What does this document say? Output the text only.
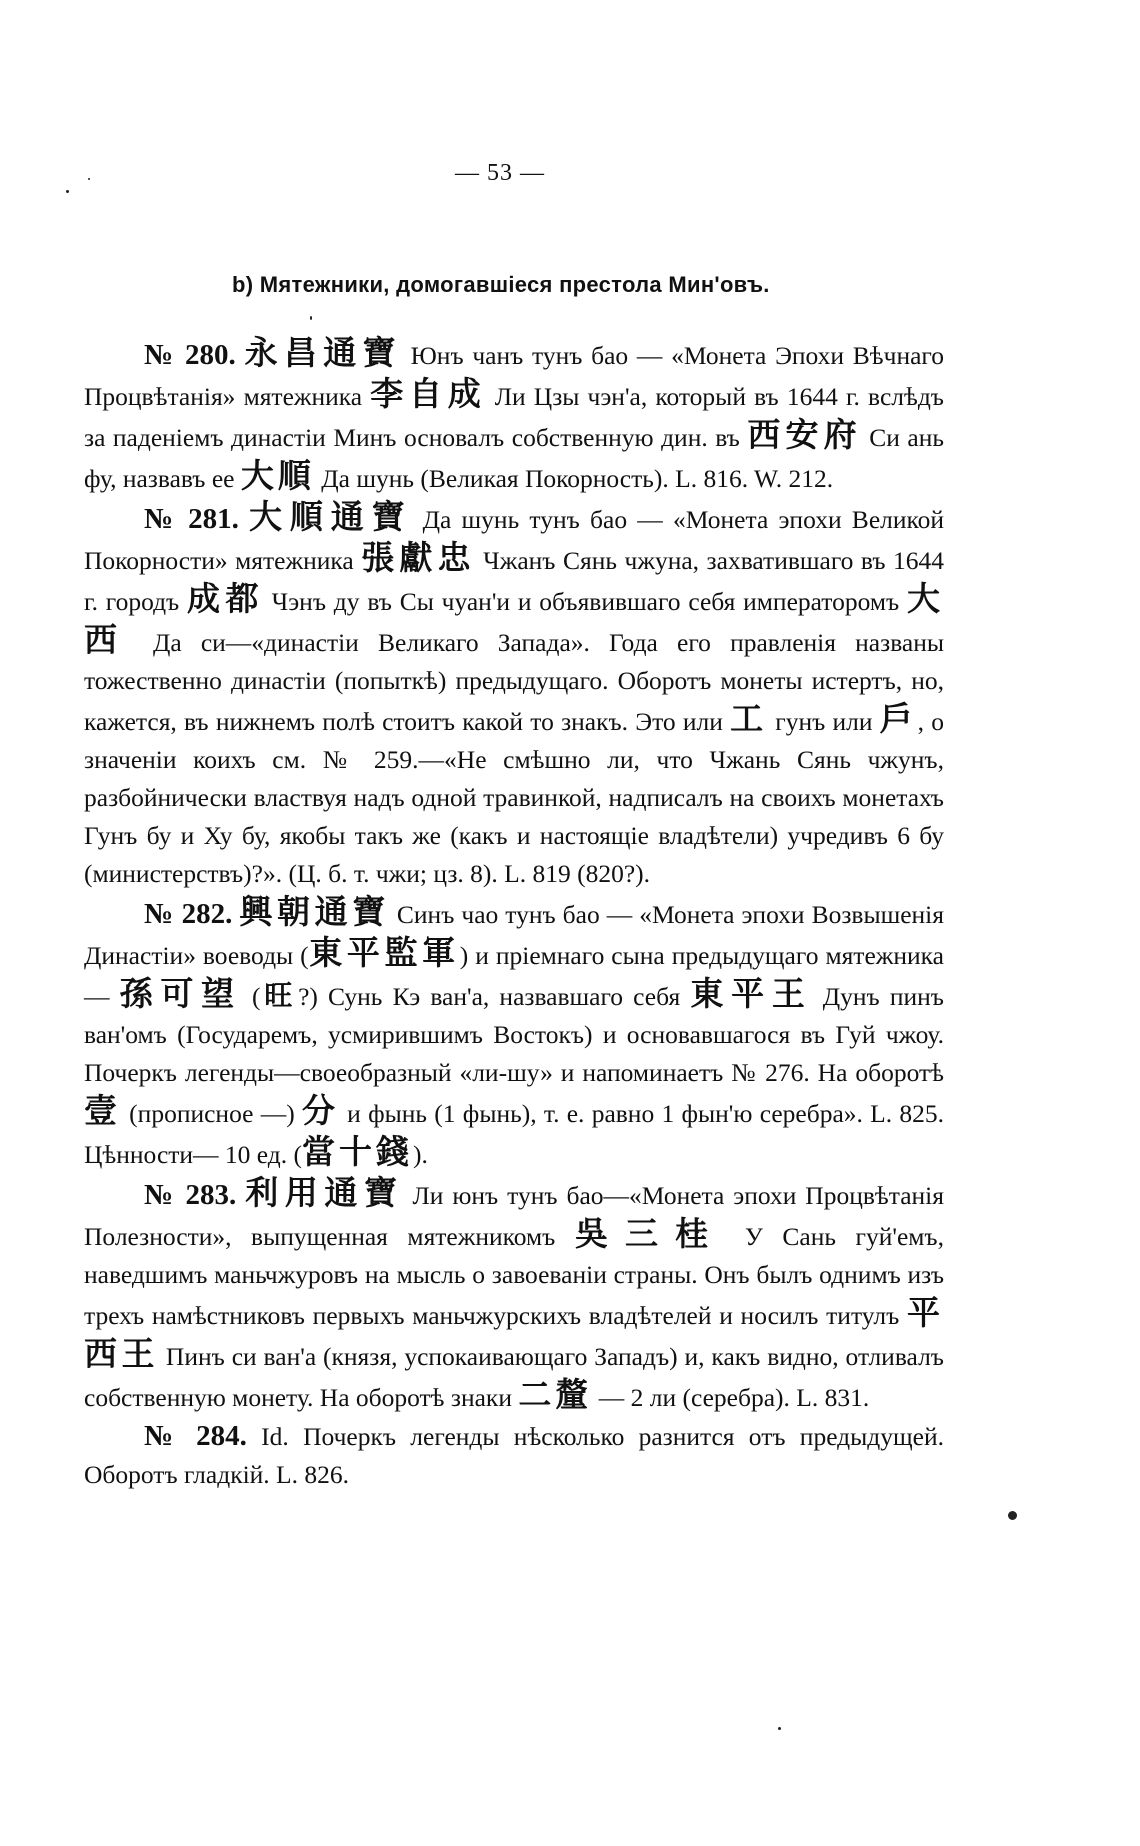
— 53 —
b) Мятежники, домогавшіеся престола Мин'овъ.

№ 280. 永昌通寶 Юнъ чанъ тунъ бао — «Монета Эпохи Вѣчнаго Процвѣтанія» мятежника 李自成 Ли Цзы чэн'а, который въ 1644 г. вслѣдъ за паденіемъ династіи Минъ основалъ собственную дин. въ 西安府 Си ань фу, назвавъ ее 大順 Да шунь (Великая Покорность). L. 816. W. 212.

№ 281. 大順通寶 Да шунь тунъ бао — «Монета эпохи Великой Покорности» мятежника 張獻忠 Чжанъ Сянь чжуна, захватившаго въ 1644 г. городъ 成都 Чэнъ ду въ Сы чуан'и и объявившаго себя императоромъ 大西 Да си—«династіи Великаго Запада». Года его правленія названы тожественно династіи (попыткѣ) предыдущаго. Оборотъ монеты истертъ, но, кажется, въ нижнемъ полѣ стоитъ какой то знакъ. Это или 工 гунъ или 戶, о значеніи коихъ см. № 259.—«Не смѣшно ли, что Чжань Сянь чжунъ, разбойнически властвуя надъ одной травинкой, надписалъ на своихъ монетахъ Гунъ бу и Ху бу, якобы такъ же (какъ и настоящіе владѣтели) учредивъ 6 бу (министерствъ)?». (Ц. б. т. чжи; цз. 8). L. 819 (820?).

№ 282. 興朝通寶 Синъ чао тунъ бао — «Монета эпохи Возвышенія Династіи» воеводы (東平監軍) и пріемнаго сына предыдущаго мятежника — 孫可望 (旺?) Сунь Кэ ван'а, назвавшаго себя 東平王 Дунъ пинъ ван'омъ (Государемъ, усмирившимъ Востокъ) и основавшагося въ Гуй чжоу. Почеркъ легенды—своеобразный «ли-шу» и напоминаетъ № 276. На оборотѣ 壹 (прописное —) 分 и фынь (1 фынь), т. е. равно 1 фын'ю серебра». L. 825. Цѣнности— 10 ед. (當十錢).

№ 283. 利用通寶 Ли юнъ тунъ бао—«Монета эпохи Процвѣтанія Полезности», выпущенная мятежникомъ 吳三桂 У Сань гуй'емъ, наведшимъ маньчжуровъ на мысль о завоеваніи страны. Онъ былъ однимъ изъ трехъ намѣстниковъ первыхъ маньчжурскихъ владѣтелей и носилъ титулъ 平西王 Пинъ си ван'а (князя, успокаивающаго Западъ) и, какъ видно, отливалъ собственную монету. На оборотѣ знаки 二釐 — 2 ли (серебра). L. 831.

№ 284. Id. Почеркъ легенды нѣсколько разнится отъ предыдущей. Оборотъ гладкій. L. 826.
